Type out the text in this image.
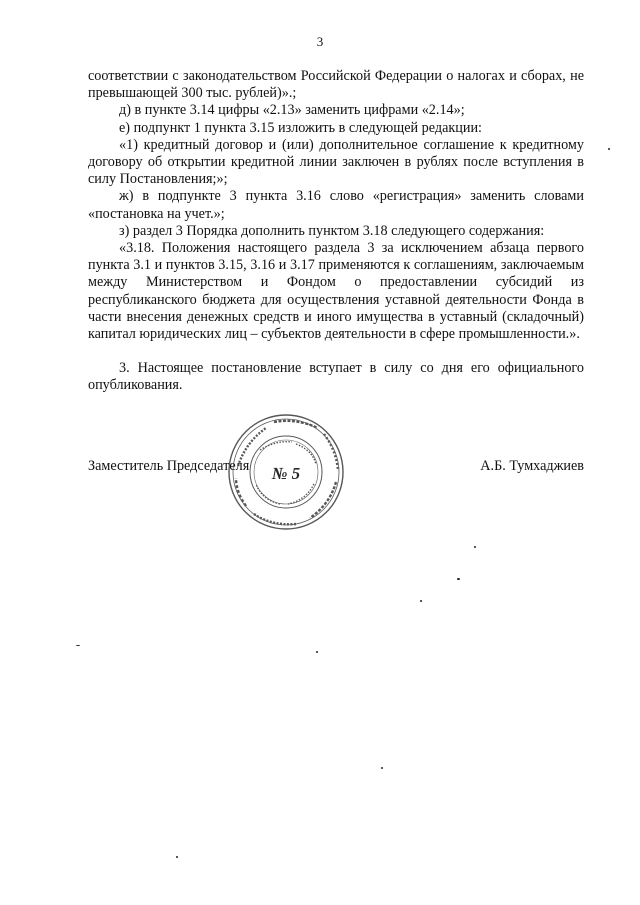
3

соответствии с законодательством Российской Федерации о налогах и сборах, не превышающей 300 тыс. рублей)».;

д) в пункте 3.14 цифры «2.13» заменить цифрами «2.14»;

е) подпункт 1 пункта 3.15 изложить в следующей редакции:

«1) кредитный договор и (или) дополнительное соглашение к кредитному договору об открытии кредитной линии заключен в рублях после вступления в силу Постановления;»;

ж) в подпункте 3 пункта 3.16 слово «регистрация» заменить словами «постановка на учет.»;

з) раздел 3 Порядка дополнить пунктом 3.18 следующего содержания:

«3.18. Положения настоящего раздела 3 за исключением абзаца первого пункта 3.1 и пунктов 3.15, 3.16 и 3.17 применяются к соглашениям, заключаемым между Министерством и Фондом о предоставлении субсидий из республиканского бюджета для осуществления уставной деятельности Фонда в части внесения денежных средств и иного имущества в уставный (складочный) капитал юридических лиц – субъектов деятельности в сфере промышленности.».

3. Настоящее постановление вступает в силу со дня его официального опубликования.

Заместитель Председателя	А.Б. Тумхаджиев
№ 5
